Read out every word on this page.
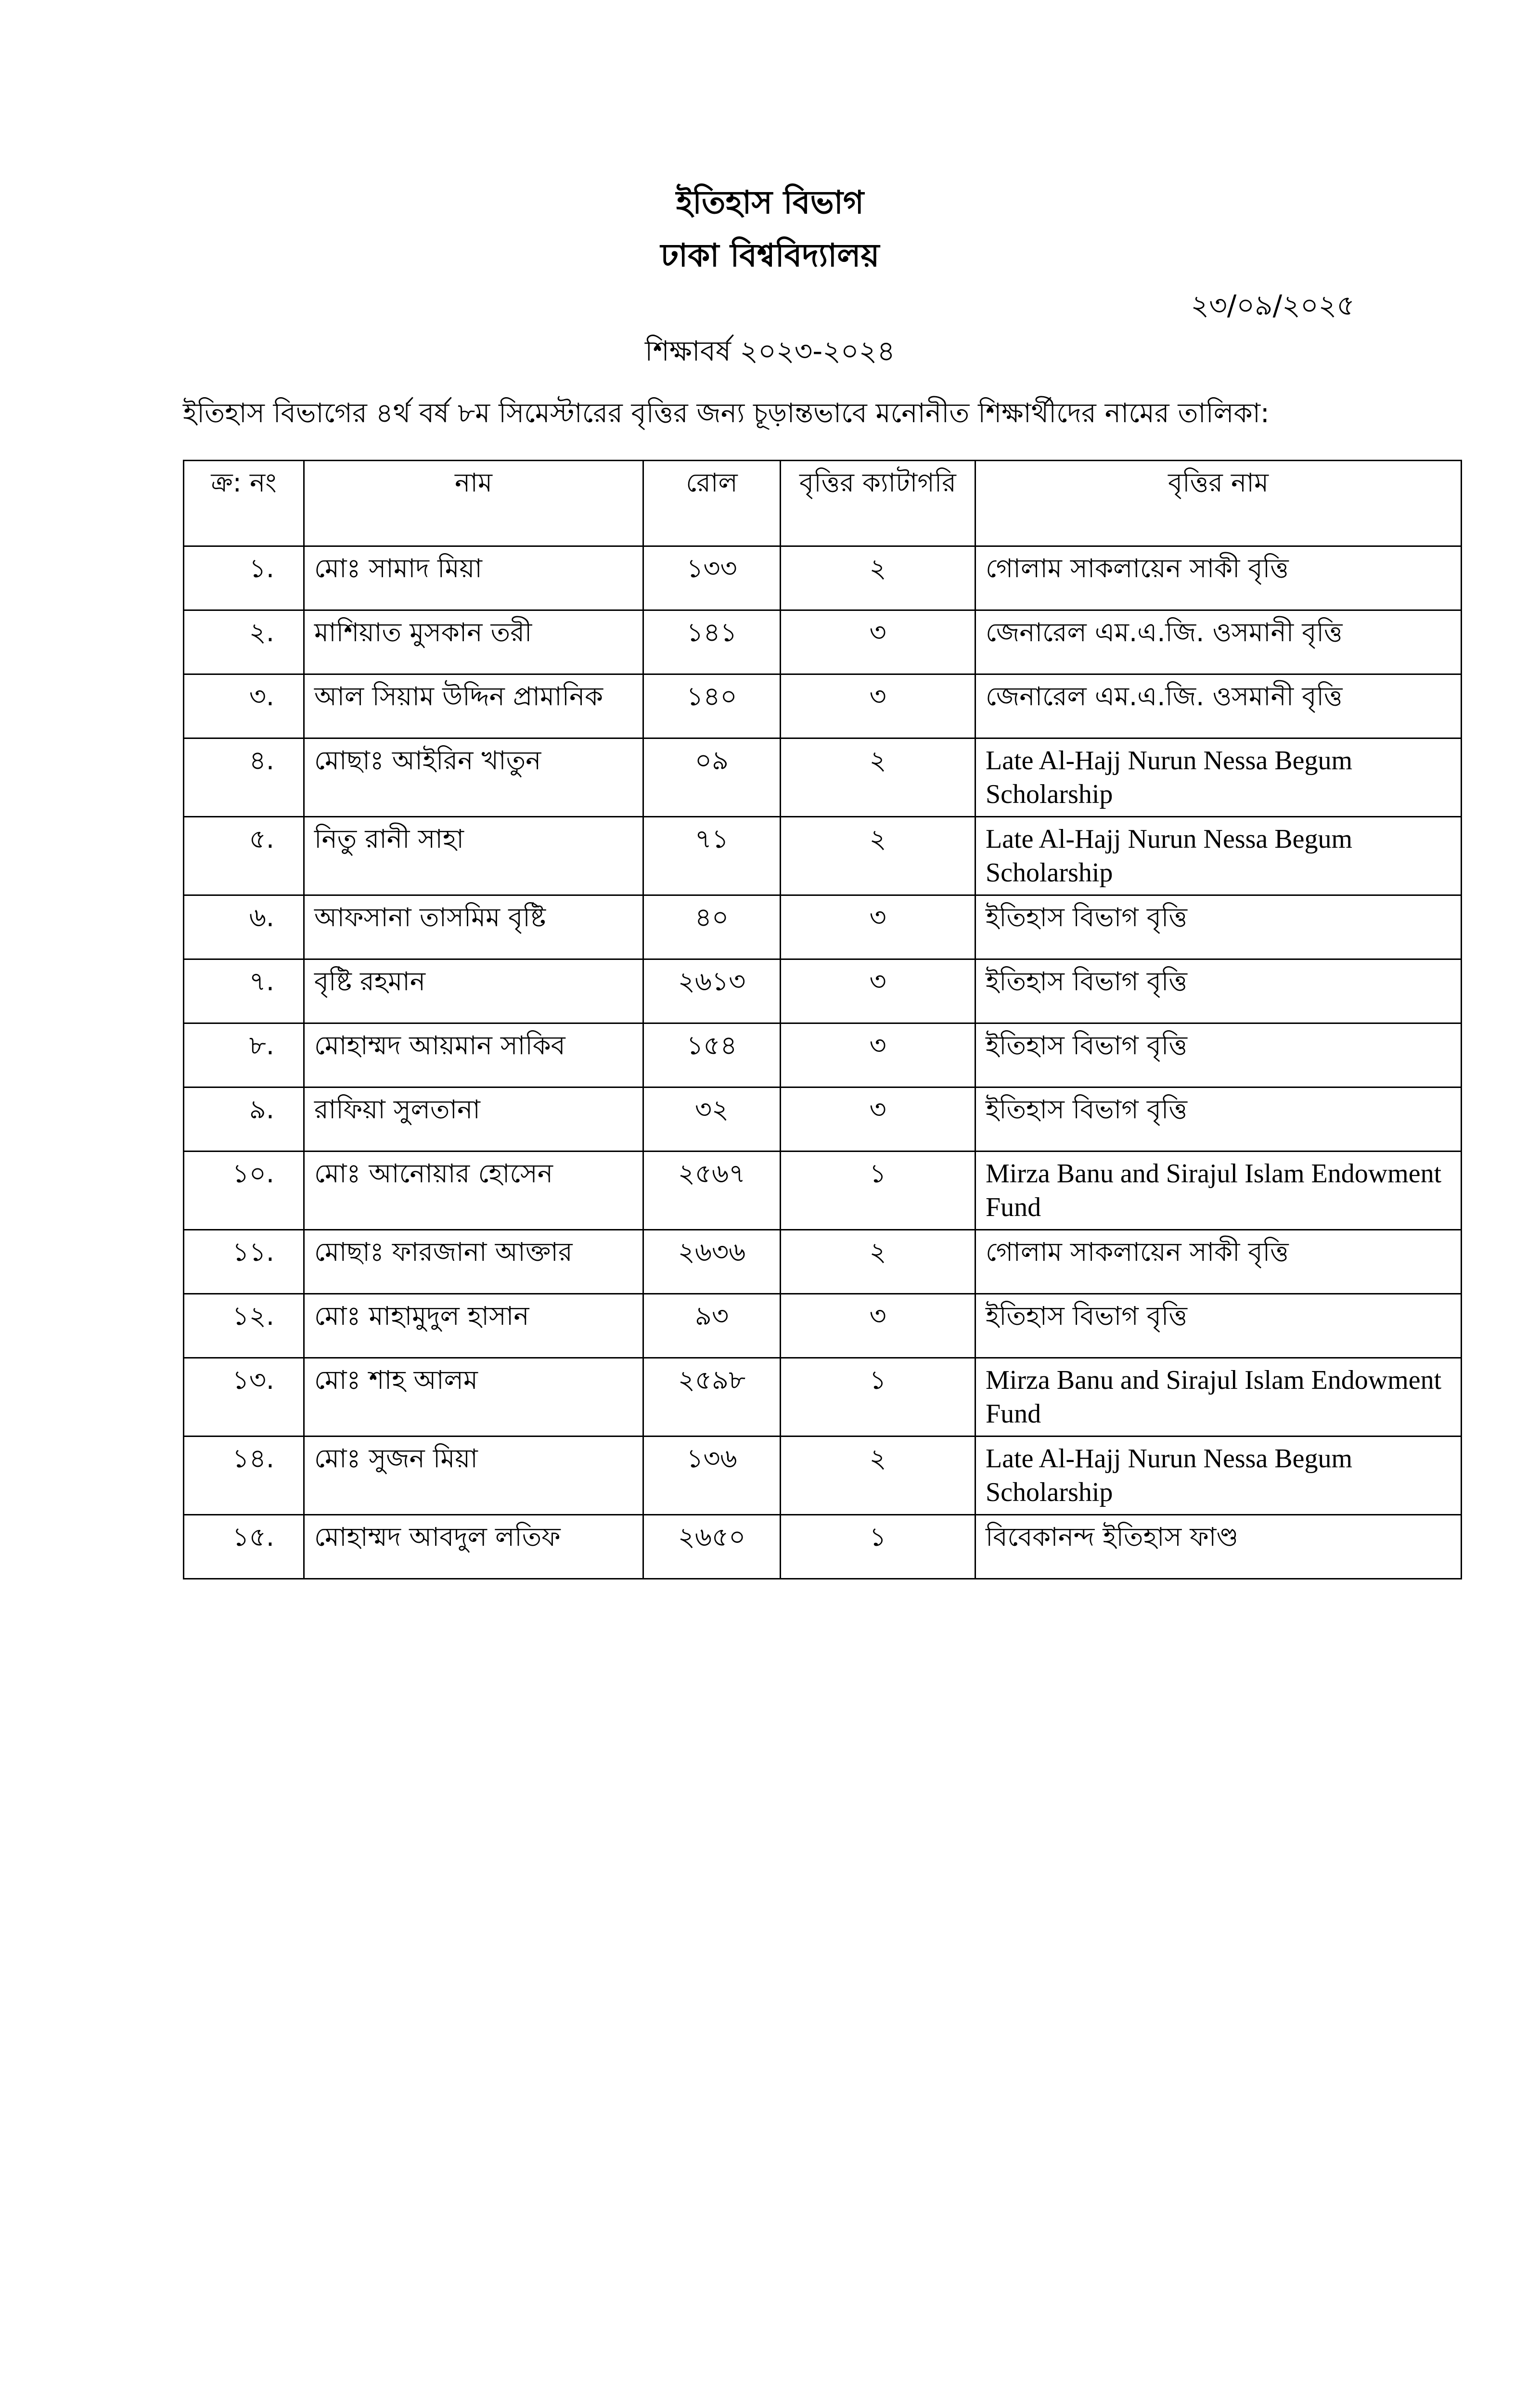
ইতিহাস বিভাগ
ঢাকা বিশ্ববিদ্যালয়
২৩/০৯/২০২৫
শিক্ষাবর্ষ ২০২৩-২০২৪
ইতিহাস বিভাগের ৪র্থ বর্ষ ৮ম সিমেস্টারের বৃত্তির জন্য চূড়ান্তভাবে মনোনীত শিক্ষার্থীদের নামের তালিকা:
ক্র: নং	নাম	রোল	বৃত্তির ক্যাটাগরি	বৃত্তির নাম
১.	মোঃ সামাদ মিয়া	১৩৩	২	গোলাম সাকলায়েন সাকী বৃত্তি
২.	মাশিয়াত মুসকান তরী	১৪১	৩	জেনারেল এম.এ.জি. ওসমানী বৃত্তি
৩.	আল সিয়াম উদ্দিন প্রামানিক	১৪০	৩	জেনারেল এম.এ.জি. ওসমানী বৃত্তি
৪.	মোছাঃ আইরিন খাতুন	০৯	২	Late Al-Hajj Nurun Nessa Begum Scholarship
৫.	নিতু রানী সাহা	৭১	২	Late Al-Hajj Nurun Nessa Begum Scholarship
৬.	আফসানা তাসমিম বৃষ্টি	৪০	৩	ইতিহাস বিভাগ বৃত্তি
৭.	বৃষ্টি রহমান	২৬১৩	৩	ইতিহাস বিভাগ বৃত্তি
৮.	মোহাম্মদ আয়মান সাকিব	১৫৪	৩	ইতিহাস বিভাগ বৃত্তি
৯.	রাফিয়া সুলতানা	৩২	৩	ইতিহাস বিভাগ বৃত্তি
১০.	মোঃ আনোয়ার হোসেন	২৫৬৭	১	Mirza Banu and Sirajul Islam Endowment Fund
১১.	মোছাঃ ফারজানা আক্তার	২৬৩৬	২	গোলাম সাকলায়েন সাকী বৃত্তি
১২.	মোঃ মাহামুদুল হাসান	৯৩	৩	ইতিহাস বিভাগ বৃত্তি
১৩.	মোঃ শাহ আলম	২৫৯৮	১	Mirza Banu and Sirajul Islam Endowment Fund
১৪.	মোঃ সুজন মিয়া	১৩৬	২	Late Al-Hajj Nurun Nessa Begum Scholarship
১৫.	মোহাম্মদ আবদুল লতিফ	২৬৫০	১	বিবেকানন্দ ইতিহাস ফাণ্ড
